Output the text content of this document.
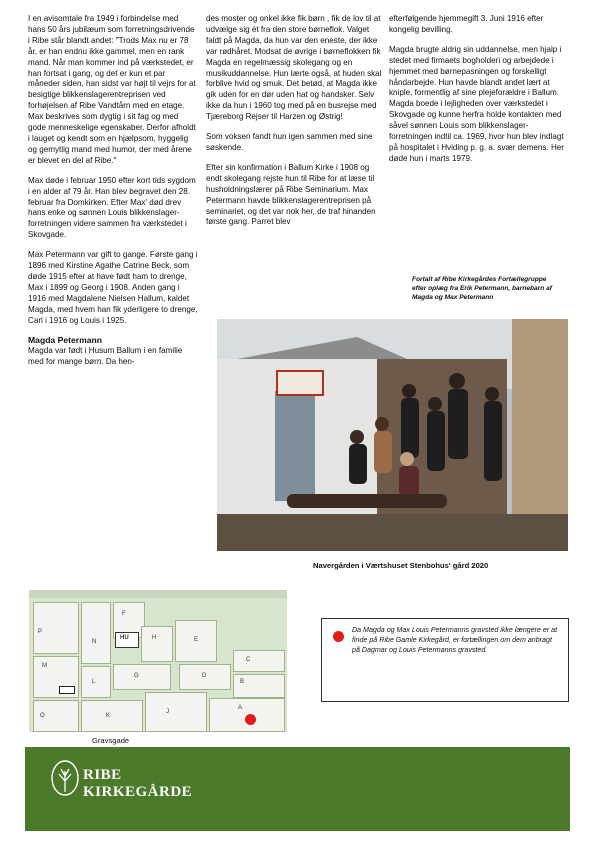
I en avisomtale fra 1949 i forbindelse med hans 50 års jubilæum som forretningsdrivende i Ribe står blandt andet: "Trods Max nu er 78 år, er han endnu ikke gammel, men en rank mand. Når man kommer ind på værkstedet, er han fortsat i gang, og det er kun et par måneder siden, han sidst var højt til vejrs for at besigtige blikkenslagerentreprisen ved forhøjelsen af Ribe Vandtårn med en etage. Max beskrives som dygtig i sit fag og med gode menneskelige egenskaber. Derfor afholdt i lauget og kendt som en hjælpsom, hyggelig og gemytlig mand med humor, der med årene er blevet en del af Ribe."

Max døde i februar 1950 efter kort tids sygdom i en alder af 79 år. Han blev begravet den 28. februar fra Domkirken. Efter Max' død drev hans enke og sønnen Louis blikkenslager-forretningen videre sammen fra værkstedet i Skovgade.

Max Petermann var gift to gange. Første gang i 1896 med Kirstine Agathe Catrine Beck, som døde 1915 efter at have født ham to drenge, Max i 1899 og Georg i 1908. Anden gang i 1916 med Magdalene Nielsen Hallum, kaldet Magda, med hvem han fik yderligere to drenge, Carl i 1916 og Louis i 1925.

Magda Petermann

Magda var født i Husum Ballum i en familie med for mange børn. Da hen-

des moster og onkel ikke fik børn , fik de lov til at udvælge sig ét fra den store børneflok. Valget faldt på Magda, da hun var den eneste, der ikke var rødhåret. Modsat de øvrige i børneflokken fik Magda en regelmæssig skolegang og en musikuddannelse. Hun lærte også, at huden skal forblive hvid og smuk. Det betød, at Magda ikke gik uden for en dør uden hat og handsker. Selv ikke da hun i 1960 tog med på en busrejse med Tjæreborg Rejser til Harzen og Østrig!

Som voksen fandt hun igen sammen med sine søskende.

Efter sin konfirmation i Ballum Kirke i 1908 og endt skolegang rejste hun til Ribe for at læse til husholdningslærer på Ribe Seminarium. Max Petermann havde blikkenslagerentreprisen på seminariet, og det var nok her, de traf hinanden første gang. Parret blev

efterfølgende hjemmegift 3. Juni 1916 efter kongelig bevilling.

Magda brugte aldrig sin uddannelse, men hjalp i stedet med firmaets bogholderi og arbejdede i hjemmet med børnepasningen og forskelligt håndarbejde. Hun havde blandt andet lært at kniple, formentlig af sine plejeforældre i Ballum. Magda boede i lejligheden over værkstedet i Skovgade og kunne herfra holde kontakten med såvel sønnen Louis som blikkenslager-forretningen indtil ca. 1969, hvor hun blev indlagt på hospitalet i Hviding p. g. a. svær demens. Her døde hun i marts 1979.

Fortalt af Ribe Kirkegårdes Fortællegruppe efter oplæg fra Erik Petermann, barnebarn af Magda og Max Petermann
Navergården i Værtshuset Stenbohus' gård 2020
P
N
F
HU	H	E
M
G	D
L
C
B
O	K
J
A
Gravsgade
Da Magda og Max Louis Petermanns gravsted ikke længere er at finde på Ribe Gamle Kirkegård, er fortællingen om dem anbragt på Dagmar og Louis Petermanns gravsted.
RIBE
KIRKEGÅRDE
